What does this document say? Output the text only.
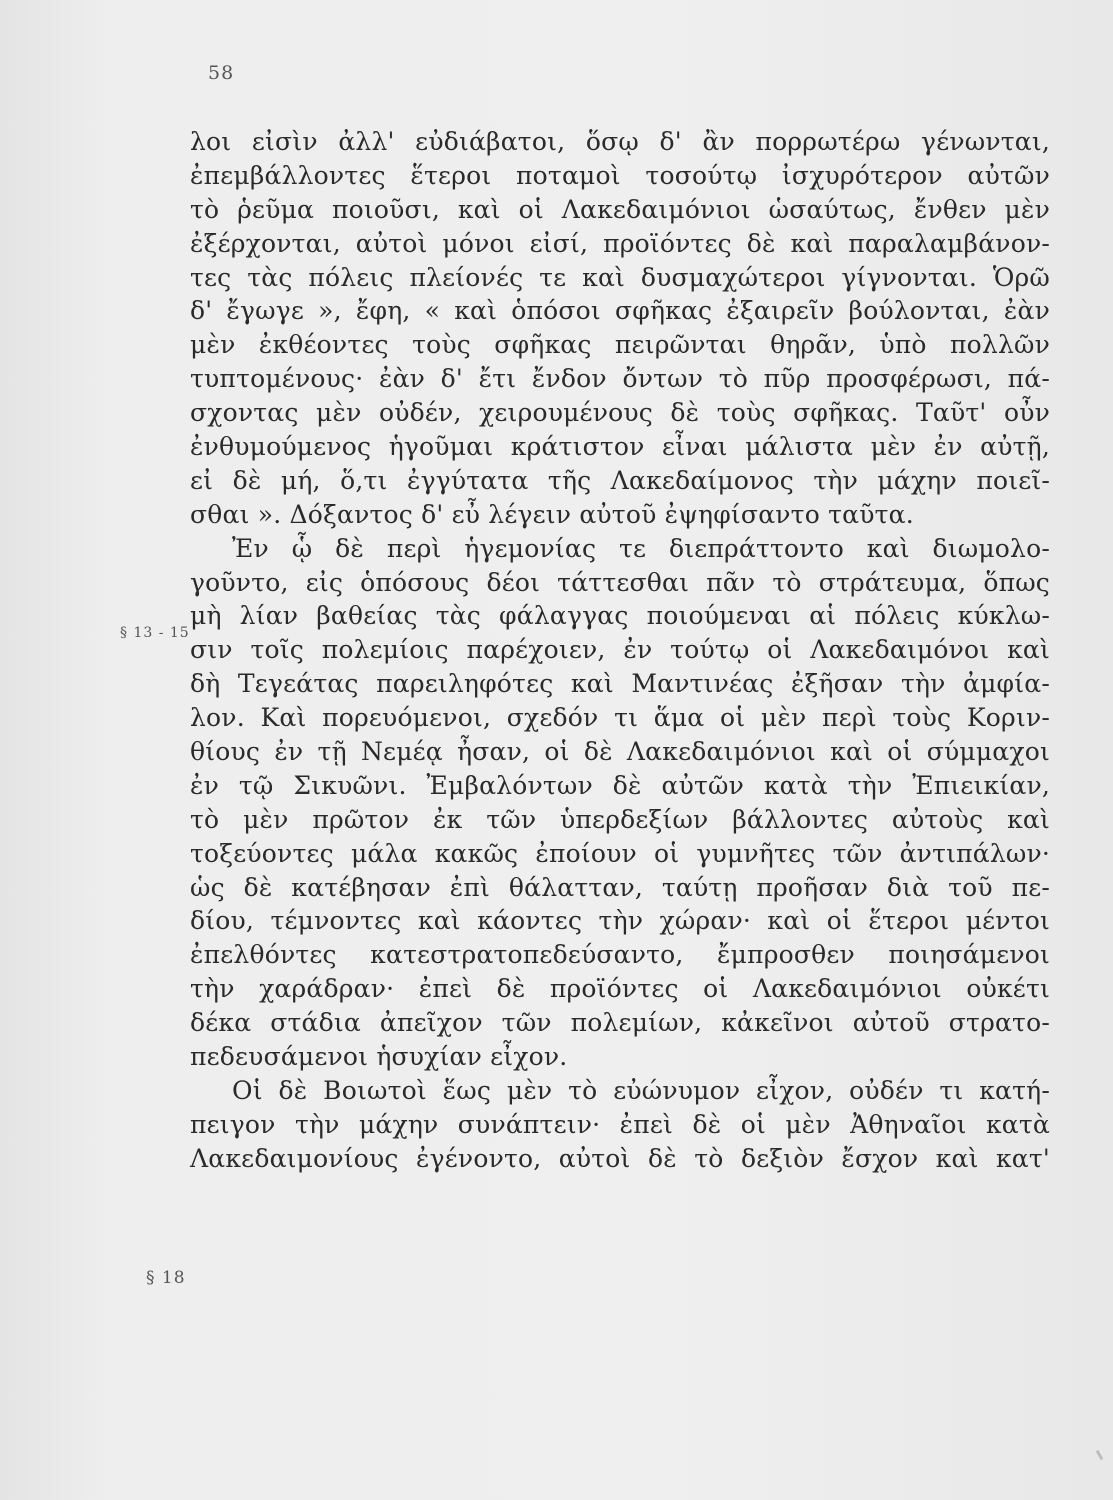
58
§ 13 - 15
§ 18
λοι εἰσὶν ἀλλ' εὐδιάβατοι, ὅσῳ δ' ἂν πορρωτέρω γένωνται,
ἐπεμβάλλοντες ἕτεροι ποταμοὶ τοσούτῳ ἰσχυρότερον αὐτῶν
τὸ ῥεῦμα ποιοῦσι, καὶ οἱ Λακεδαιμόνιοι ὡσαύτως, ἔνθεν μὲν
ἐξέρχονται, αὐτοὶ μόνοι εἰσί, προϊόντες δὲ καὶ παραλαμβάνον-
τες τὰς πόλεις πλείονές τε καὶ δυσμαχώτεροι γίγνονται. Ὁρῶ
δ' ἔγωγε », ἔφη, « καὶ ὁπόσοι σφῆκας ἐξαιρεῖν βούλονται, ἐὰν
μὲν ἐκθέοντες τοὺς σφῆκας πειρῶνται θηρᾶν, ὑπὸ πολλῶν
τυπτομένους· ἐὰν δ' ἔτι ἔνδον ὄντων τὸ πῦρ προσφέρωσι, πά-
σχοντας μὲν οὐδέν, χειρουμένους δὲ τοὺς σφῆκας. Ταῦτ' οὖν
ἐνθυμούμενος ἡγοῦμαι κράτιστον εἶναι μάλιστα μὲν ἐν αὐτῇ,
εἰ δὲ μή, ὅ,τι ἐγγύτατα τῆς Λακεδαίμονος τὴν μάχην ποιεῖ-
σθαι ». Δόξαντος δ' εὖ λέγειν αὐτοῦ ἐψηφίσαντο ταῦτα.
Ἐν ᾧ δὲ περὶ ἡγεμονίας τε διεπράττοντο καὶ διωμολο-
γοῦντο, εἰς ὁπόσους δέοι τάττεσθαι πᾶν τὸ στράτευμα, ὅπως
μὴ λίαν βαθείας τὰς φάλαγγας ποιούμεναι αἱ πόλεις κύκλω-
σιν τοῖς πολεμίοις παρέχοιεν, ἐν τούτῳ οἱ Λακεδαιμόνοι καὶ
δὴ Τεγεάτας παρειληφότες καὶ Μαντινέας ἐξῆσαν τὴν ἀμφία-
λον. Καὶ πορευόμενοι, σχεδόν τι ἅμα οἱ μὲν περὶ τοὺς Κοριν-
θίους ἐν τῇ Νεμέᾳ ἦσαν, οἱ δὲ Λακεδαιμόνιοι καὶ οἱ σύμμαχοι
ἐν τῷ Σικυῶνι. Ἐμβαλόντων δὲ αὐτῶν κατὰ τὴν Ἐπιεικίαν,
τὸ μὲν πρῶτον ἐκ τῶν ὑπερδεξίων βάλλοντες αὐτοὺς καὶ
τοξεύοντες μάλα κακῶς ἐποίουν οἱ γυμνῆτες τῶν ἀντιπάλων·
ὡς δὲ κατέβησαν ἐπὶ θάλατταν, ταύτῃ προῆσαν διὰ τοῦ πε-
δίου, τέμνοντες καὶ κάοντες τὴν χώραν· καὶ οἱ ἕτεροι μέντοι
ἐπελθόντες κατεστρατοπεδεύσαντο, ἔμπροσθεν ποιησάμενοι
τὴν χαράδραν· ἐπεὶ δὲ προϊόντες οἱ Λακεδαιμόνιοι οὐκέτι
δέκα στάδια ἀπεῖχον τῶν πολεμίων, κἀκεῖνοι αὐτοῦ στρατο-
πεδευσάμενοι ἡσυχίαν εἶχον.
Οἱ δὲ Βοιωτοὶ ἕως μὲν τὸ εὐώνυμον εἶχον, οὐδέν τι κατή-
πειγον τὴν μάχην συνάπτειν· ἐπεὶ δὲ οἱ μὲν Ἀθηναῖοι κατὰ
Λακεδαιμονίους ἐγένοντο, αὐτοὶ δὲ τὸ δεξιὸν ἔσχον καὶ κατ'
